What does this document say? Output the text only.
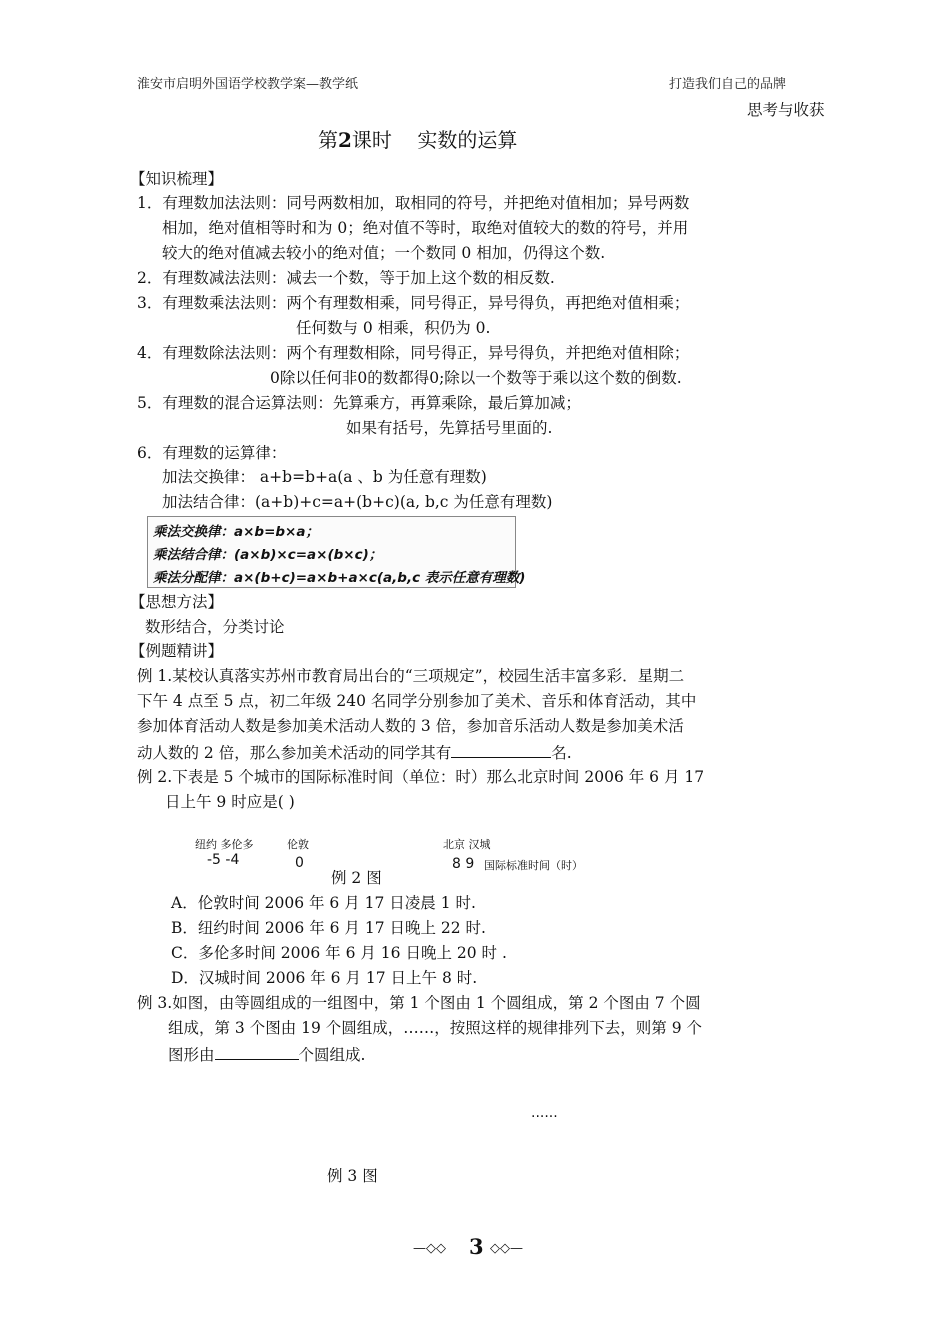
淮安市启明外国语学校教学案—教学纸	打造我们自己的品牌
思考与收获
第2课时 实数的运算
【知识梳理】
1．有理数加法法则：同号两数相加，取相同的符号，并把绝对值相加；异号两数
相加，绝对值相等时和为 0；绝对值不等时，取绝对值较大的数的符号，并用
较大的绝对值减去较小的绝对值；一个数同 0 相加，仍得这个数.
2．有理数减法法则：减去一个数，等于加上这个数的相反数.
3．有理数乘法法则：两个有理数相乘，同号得正，异号得负，再把绝对值相乘；
任何数与 0 相乘，积仍为 0.
4．有理数除法法则：两个有理数相除，同号得正，异号得负，并把绝对值相除；
0除以任何非0的数都得0;除以一个数等于乘以这个数的倒数.
5．有理数的混合运算法则：先算乘方，再算乘除，最后算加减；
如果有括号，先算括号里面的.
6．有理数的运算律：
加法交换律： a+b=b+a(a 、b 为任意有理数)
加法结合律：(a+b)+c=a+(b+c)(a, b,c 为任意有理数)
乘法交换律：a×b=b×a；
乘法结合律：(a×b)×c=a×(b×c)；
乘法分配律：a×(b+c)=a×b+a×c(a,b,c 表示任意有理数)
【思想方法】
数形结合，分类讨论
【例题精讲】
例 1.某校认真落实苏州市教育局出台的“三项规定”，校园生活丰富多彩．星期二
下午 4 点至 5 点，初二年级 240 名同学分别参加了美术、音乐和体育活动，其中
参加体育活动人数是参加美术活动人数的 3 倍，参加音乐活动人数是参加美术活
动人数的 2 倍，那么参加美术活动的同学其有	名.
例 2.下表是 5 个城市的国际标准时间（单位：时）那么北京时间 2006 年 6 月 17
日上午 9 时应是( )
纽约 多伦多	伦敦	北京 汉城
-5 -4	0	8 9 国际标准时间（时）
例 2 图
A．伦敦时间 2006 年 6 月 17 日凌晨 1 时.
B．纽约时间 2006 年 6 月 17 日晚上 22 时.
C．多伦多时间 2006 年 6 月 16 日晚上 20 时 .
D．汉城时间 2006 年 6 月 17 日上午 8 时.
例 3.如图，由等圆组成的一组图中，第 1 个图由 1 个圆组成，第 2 个图由 7 个圆
组成，第 3 个图由 19 个圆组成，……，按照这样的规律排列下去，则第 9 个
图形由	个圆组成.
......
例 3 图
—◇◇ 3 ◇◇—
